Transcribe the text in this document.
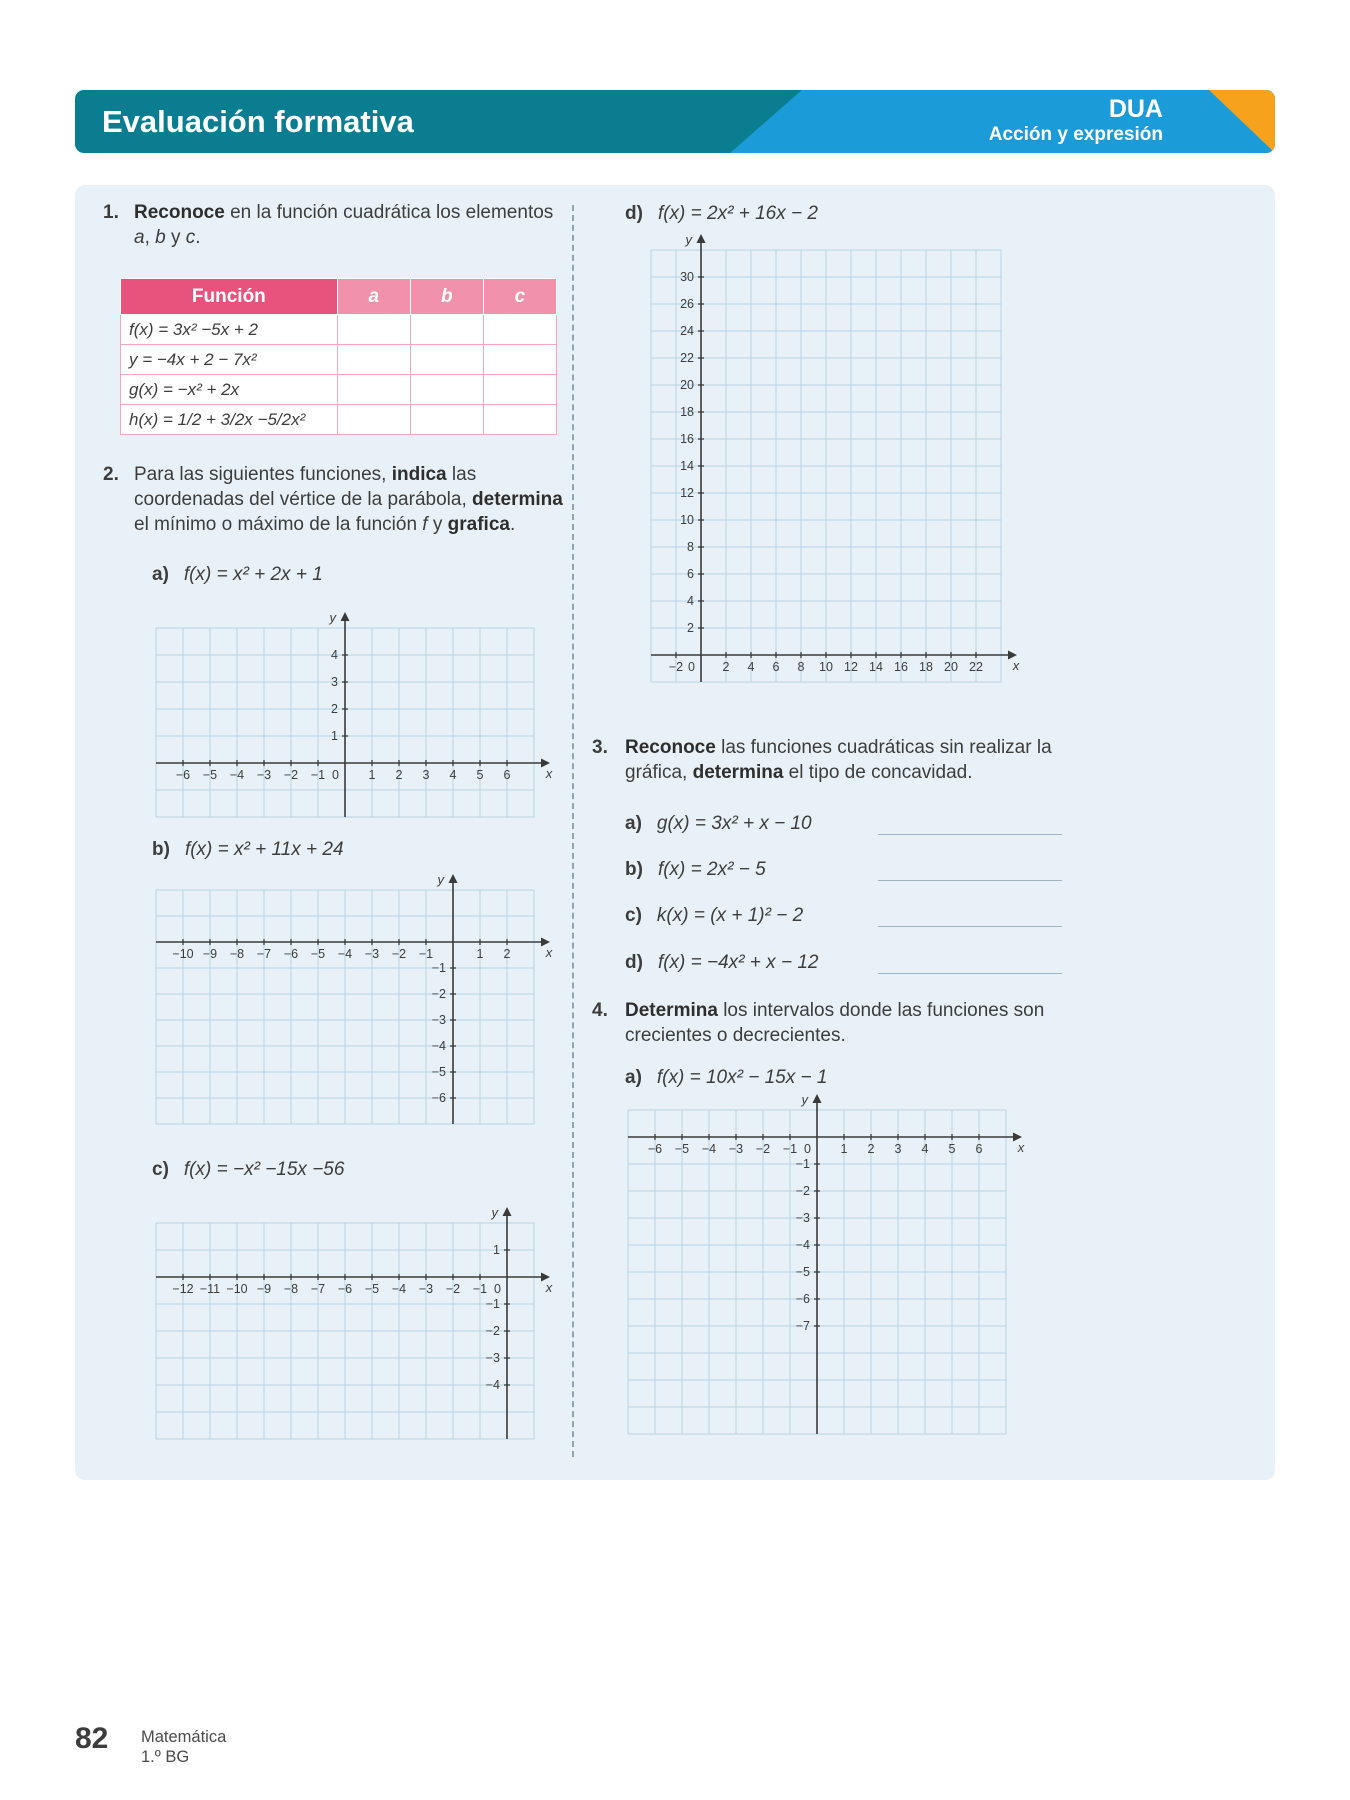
Evaluación formativa	DUA
Acción y expresión
1. Reconoce en la función cuadrática los elementos a, b y c.
Función	a	b	c
f(x) = 3x² −5x + 2			
y = −4x + 2 − 7x²			
g(x) = −x² + 2x			
h(x) = 1/2 + 3/2x −5/2x²			
2. Para las siguientes funciones, indica las coordenadas del vértice de la parábola, determina el mínimo o máximo de la función f y grafica.
a) f(x) = x² + 2x + 1
−6 −5 −4 −3 −2 −1	1 2 3 4 5 6
1
2
3
4
0	x
y
b) f(x) = x² + 11x + 24
−10 −9 −8 −7 −6 −5 −4 −3 −2 −1	1 2
−1
−2
−3
−4
−5
−6
x
y
c) f(x) = −x² −15x −56
−12 −11 −10 −9 −8 −7 −6 −5 −4 −3 −2 −1
1
−1
−2
−3
−4
0	x
y
d) f(x) = 2x² + 16x − 2
−2	2 4 6 8 10 12 14 16 18 20 22
30
26
24
22
20
18
16
14
12
10
8
6
4
2
0	x
y
3. Reconoce las funciones cuadráticas sin realizar la gráfica, determina el tipo de concavidad.
a) g(x) = 3x² + x − 10
b) f(x) = 2x² − 5
c) k(x) = (x + 1)² − 2
d) f(x) = −4x² + x − 12
4. Determina los intervalos donde las funciones son crecientes o decrecientes.
a) f(x) = 10x² − 15x − 1
−6 −5 −4 −3 −2 −1	1 2 3 4 5 6
−1
−2
−3
−4
−5
−6
−7
0	x
y
82 Matemática
1.º BG
